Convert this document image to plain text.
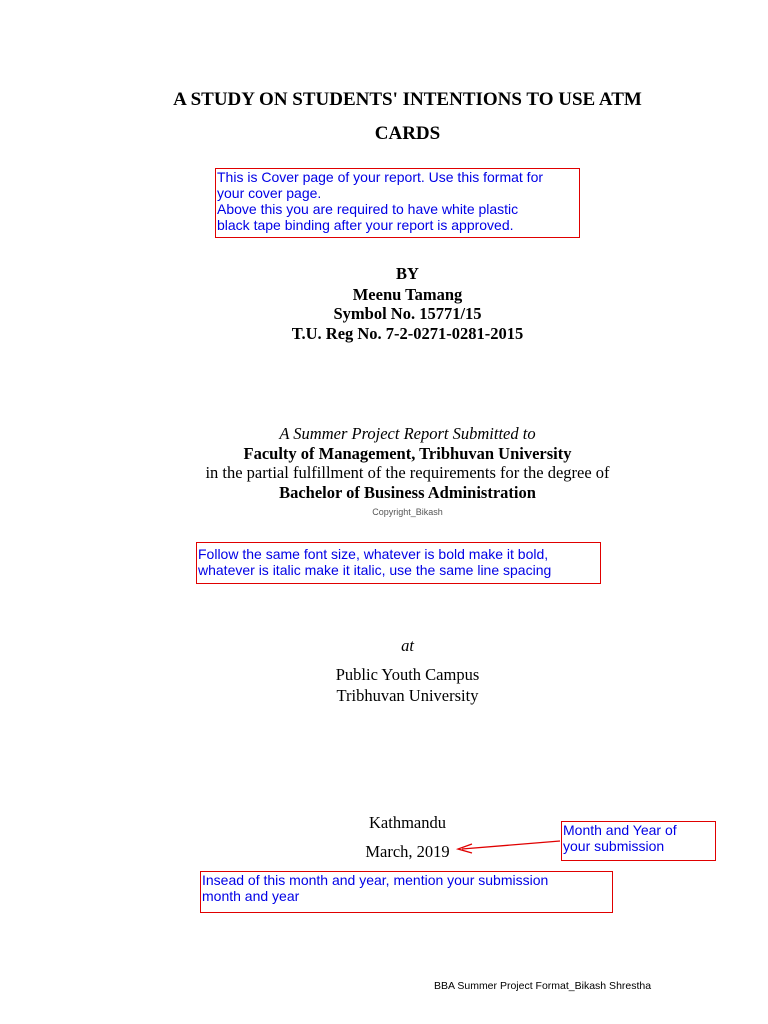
A STUDY ON STUDENTS' INTENTIONS TO USE ATM
CARDS
This is Cover page of your report. Use this format for
your cover page.
Above this you are required to have white plastic
black tape binding after your report is approved.
BY
Meenu Tamang
Symbol No. 15771/15
T.U. Reg No. 7-2-0271-0281-2015
A Summer Project Report Submitted to
Faculty of Management, Tribhuvan University
in the partial fulfillment of the requirements for the degree of
Bachelor of Business Administration
Copyright_Bikash
Follow the same font size, whatever is bold make it bold,
whatever is italic make it italic, use the same line spacing
at
Public Youth Campus
Tribhuvan University
Kathmandu
March, 2019
Month and Year of
your submission
Insead of this month and year, mention your submission
month and year
BBA Summer Project Format_Bikash Shrestha
